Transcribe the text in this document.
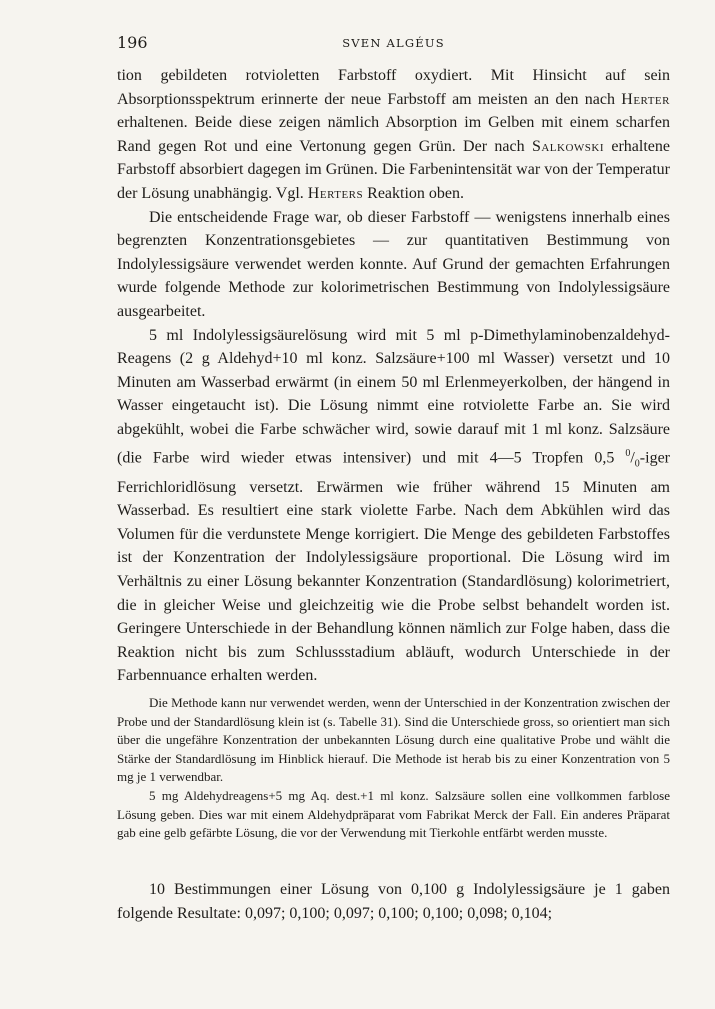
196	SVEN ALGÉUS

tion gebildeten rotvioletten Farbstoff oxydiert. Mit Hinsicht auf sein Absorptionsspektrum erinnerte der neue Farbstoff am meisten an den nach Herter erhaltenen. Beide diese zeigen nämlich Absorption im Gelben mit einem scharfen Rand gegen Rot und eine Vertonung gegen Grün. Der nach Salkowski erhaltene Farbstoff absorbiert dagegen im Grünen. Die Farbenintensität war von der Temperatur der Lösung unabhängig. Vgl. Herters Reaktion oben.

Die entscheidende Frage war, ob dieser Farbstoff — wenigstens innerhalb eines begrenzten Konzentrationsgebietes — zur quantitativen Bestimmung von Indolylessigsäure verwendet werden konnte. Auf Grund der gemachten Erfahrungen wurde folgende Methode zur kolorimetrischen Bestimmung von Indolylessigsäure ausgearbeitet.

5 ml Indolylessigsäurelösung wird mit 5 ml p-Dimethylaminobenzaldehyd-Reagens (2 g Aldehyd+10 ml konz. Salzsäure+100 ml Wasser) versetzt und 10 Minuten am Wasserbad erwärmt (in einem 50 ml Erlenmeyerkolben, der hängend in Wasser eingetaucht ist). Die Lösung nimmt eine rotviolette Farbe an. Sie wird abgekühlt, wobei die Farbe schwächer wird, sowie darauf mit 1 ml konz. Salzsäure (die Farbe wird wieder etwas intensiver) und mit 4—5 Tropfen 0,5 $^0/_0$-iger Ferrichloridlösung versetzt. Erwärmen wie früher während 15 Minuten am Wasserbad. Es resultiert eine stark violette Farbe. Nach dem Abkühlen wird das Volumen für die verdunstete Menge korrigiert. Die Menge des gebildeten Farbstoffes ist der Konzentration der Indolylessigsäure proportional. Die Lösung wird im Verhältnis zu einer Lösung bekannter Konzentration (Standardlösung) kolorimetriert, die in gleicher Weise und gleichzeitig wie die Probe selbst behandelt worden ist. Geringere Unterschiede in der Behandlung können nämlich zur Folge haben, dass die Reaktion nicht bis zum Schlussstadium abläuft, wodurch Unterschiede in der Farbennuance erhalten werden.

Die Methode kann nur verwendet werden, wenn der Unterschied in der Konzentration zwischen der Probe und der Standardlösung klein ist (s. Tabelle 31). Sind die Unterschiede gross, so orientiert man sich über die ungefähre Konzentration der unbekannten Lösung durch eine qualitative Probe und wählt die Stärke der Standardlösung im Hinblick hierauf. Die Methode ist herab bis zu einer Konzentration von 5 mg je 1 verwendbar.

5 mg Aldehydreagens+5 mg Aq. dest.+1 ml konz. Salzsäure sollen eine vollkommen farblose Lösung geben. Dies war mit einem Aldehydpräparat vom Fabrikat Merck der Fall. Ein anderes Präparat gab eine gelb gefärbte Lösung, die vor der Verwendung mit Tierkohle entfärbt werden musste.

10 Bestimmungen einer Lösung von 0,100 g Indolylessigsäure je 1 gaben folgende Resultate: 0,097; 0,100; 0,097; 0,100; 0,100; 0,098; 0,104;
